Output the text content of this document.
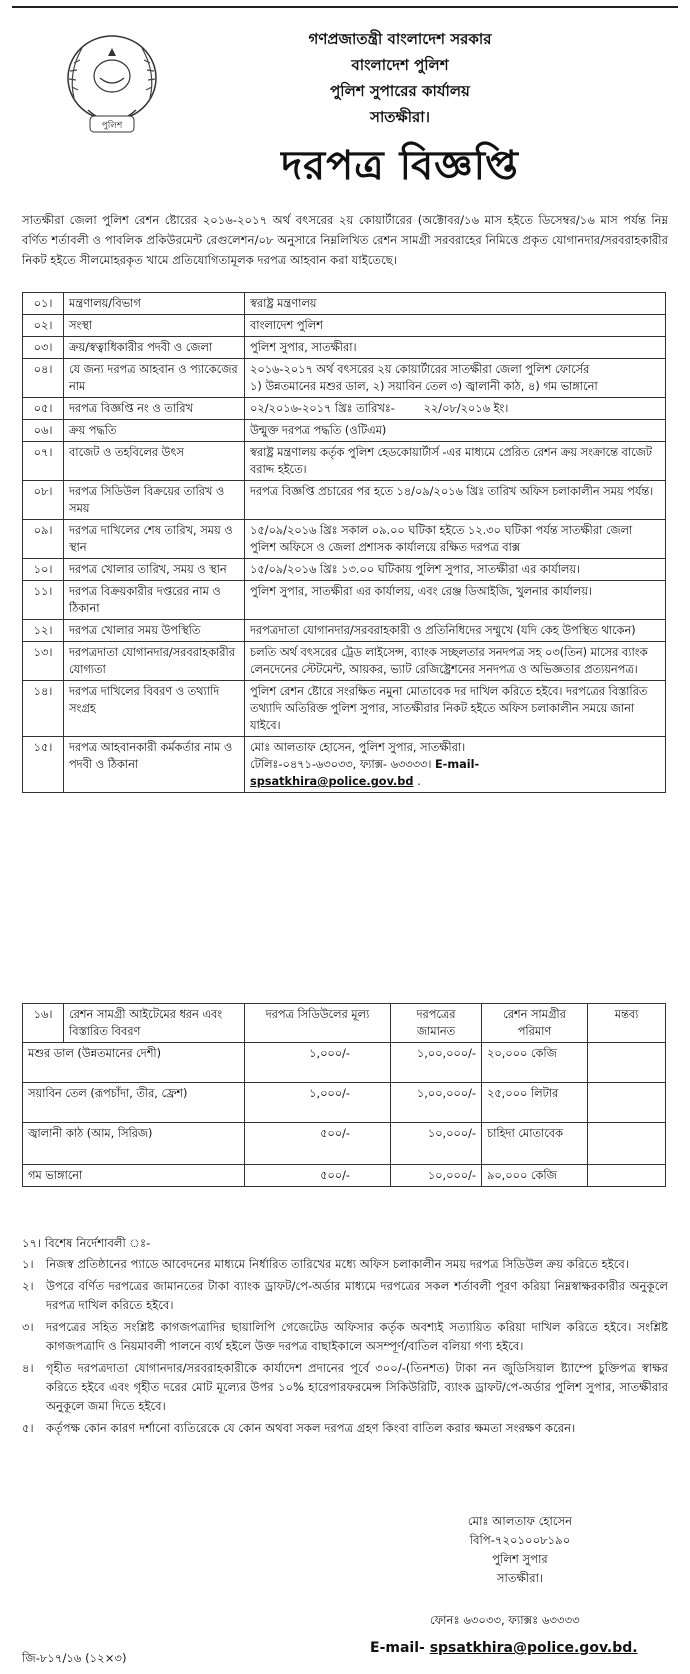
পুলিশ
গণপ্রজাতন্ত্রী বাংলাদেশ সরকার
বাংলাদেশ পুলিশ
পুলিশ সুপারের কার্যালয়
সাতক্ষীরা।
দরপত্র বিজ্ঞপ্তি
সাতক্ষীরা জেলা পুলিশ রেশন ষ্টোরের ২০১৬-২০১৭ অর্থ বৎসরের ২য় কোয়ার্টারের (অক্টোবর/১৬ মাস হইতে ডিসেম্বর/১৬ মাস পর্যন্ত নিম্ন বর্ণিত শর্তাবলী ও পাবলিক প্রকিউরমেন্ট রেগুলেশন/০৮ অনুসারে নিম্নলিখিত রেশন সামগ্রী সরবরাহের নিমিত্তে প্রকৃত যোগানদার/সরবরাহকারীর নিকট হইতে সীলমোহরকৃত খামে প্রতিযোগিতামূলক দরপত্র আহবান করা যাইতেছে।
০১।	মন্ত্রণালয়/বিভাগ	স্বরাষ্ট্র মন্ত্রণালয়
০২।	সংস্থা	বাংলাদেশ পুলিশ
০৩।	ক্রয়/স্বত্বাধিকারীর পদবী ও জেলা	পুলিশ সুপার, সাতক্ষীরা।
০৪।	যে জন্য দরপত্র আহবান ও প্যাকেজের নাম	২০১৬-২০১৭ অর্থ বৎসরের ২য় কোয়ার্টারের সাতক্ষীরা জেলা পুলিশ ফোর্সের
১) উন্নতমানের মশুর ডাল, ২) সয়াবিন তেল ৩) জ্বালানী কাঠ, ৪) গম ভাঙ্গানো

০৫।	দরপত্র বিজ্ঞপ্তি নং ও তারিখ	০২/২০১৬-২০১৭ খ্রিঃ তারিখঃ-        ২২/০৮/২০১৬ ইং।
০৬।	ক্রয় পদ্ধতি	উন্মুক্ত দরপত্র পদ্ধতি (ওটিএম)
০৭।	বাজেট ও তহবিলের উৎস	স্বরাষ্ট্র মন্ত্রণালয় কর্তৃক পুলিশ হেডকোয়ার্টার্স -এর মাধ্যমে প্রেরিত রেশন ক্রয় সংক্রান্তে বাজেট বরাদ্দ হইতে।
০৮।	দরপত্র সিডিউল বিক্রয়ের তারিখ ও সময়	দরপত্র বিজ্ঞপ্তি প্রচারের পর হতে ১৪/০৯/২০১৬ খ্রিঃ তারিখ অফিস চলাকালীন সময় পর্যন্ত।
০৯।	দরপত্র দাখিলের শেষ তারিখ, সময় ও স্থান	১৫/০৯/২০১৬ খ্রিঃ সকাল ০৯.০০ ঘটিকা হইতে ১২.৩০ ঘটিকা পর্যন্ত সাতক্ষীরা জেলা পুলিশ অফিসে ও জেলা প্রশাসক কার্যালয়ে রক্ষিত দরপত্র বাক্স
১০।	দরপত্র খোলার তারিখ, সময় ও স্থান	১৫/০৯/২০১৬ খ্রিঃ ১৩.০০ ঘটিকায় পুলিশ সুপার, সাতক্ষীরা এর কার্যালয়।
১১।	দরপত্র বিক্রয়কারীর দপ্তরের নাম ও ঠিকানা	পুলিশ সুপার, সাতক্ষীরা এর কার্যালয়, এবং রেঞ্জ ডিআইজি, খুলনার কার্যালয়।
১২।	দরপত্র খোলার সময় উপস্থিতি	দরপত্রদাতা যোগানদার/সরবরাহকারী ও প্রতিনিধিদের সম্মুখে (যদি কেহ উপস্থিত থাকেন)
১৩।	দরপত্রদাতা যোগানদার/সরবরাহকারীর যোগ্যতা	চলতি অর্থ বৎসরের ট্রেড লাইসেন্স, ব্যাংক সচ্ছলতার সনদপত্র সহ ০৩(তিন) মাসের ব্যাংক লেনদেনের স্টেটমেন্ট, আয়কর, ভ্যাট রেজিষ্ট্রেশনের সনদপত্র ও অভিজ্ঞতার প্রত্যয়নপত্র।
১৪।	দরপত্র দাখিলের বিবরণ ও তথ্যাদি সংগ্রহ	পুলিশ রেশন ষ্টোরে সংরক্ষিত নমুনা মোতাবেক দর দাখিল করিতে হইবে। দরপত্রের বিস্তারিত তথ্যাদি অতিরিক্ত পুলিশ সুপার, সাতক্ষীরার নিকট হইতে অফিস চলাকালীন সময়ে জানা যাইবে।
১৫।	দরপত্র আহবানকারী কর্মকর্তার নাম ও পদবী ও ঠিকানা	মোঃ আলতাফ হোসেন, পুলিশ সুপার, সাতক্ষীরা।
টেলিঃ-০৪৭১-৬৩০৩৩, ফ্যাক্স- ৬৩৩৩৩। E-mail-
spsatkhira@police.gov.bd .
১৬।	রেশন সামগ্রী আইটেমের ধরন এবং বিস্তারিত বিবরণ	দরপত্র সিডিউলের মূল্য	দরপত্রের জামানত	রেশন সামগ্রীর পরিমাণ	মন্তব্য
মশুর ডাল (উন্নতমানের দেশী)		১,০০০/-	১,০০,০০০/-	২০,০০০ কেজি	
সয়াবিন তেল (রূপচাঁদা, তীর, ফ্রেশ)		১,০০০/-	১,০০,০০০/-	২৫,০০০ লিটার	
জ্বালানী কাঠ (আম, সিরিজ)		৫০০/-	১০,০০০/-	চাহিদা মোতাবেক	
গম ভাঙ্গানো		৫০০/-	১০,০০০/-	৯০,০০০ কেজি	
১৭। বিশেষ নির্দেশাবলী ঃ-
১।	নিজস্ব প্রতিষ্ঠানের প্যাডে আবেদনের মাধ্যমে নির্ধারিত তারিখের মধ্যে অফিস চলাকালীন সময় দরপত্র সিডিউল ক্রয় করিতে হইবে।
২।	উপরে বর্ণিত দরপত্রের জামানতের টাকা ব্যাংক ড্রাফট/পে-অর্ডার মাধ্যমে দরপত্রের সকল শর্তাবলী পূরণ করিয়া নিম্নস্বাক্ষরকারীর অনুকূলে দরপত্র দাখিল করিতে হইবে।
৩।	দরপত্রের সহিত সংশ্লিষ্ট কাগজপত্রাদির ছায়ালিপি গেজেটেড অফিসার কর্তৃক অবশ্যই সত্যায়িত করিয়া দাখিল করিতে হইবে। সংশ্লিষ্ট কাগজপত্রাদি ও নিয়মাবলী পালনে ব্যর্থ হইলে উক্ত দরপত্র বাছাইকালে অসম্পূর্ণ/বাতিল বলিয়া গণ্য হইবে।
৪।	গৃহীত দরপত্রদাতা যোগানদার/সরবরাহকারীকে কার্যাদেশ প্রদানের পূর্বে ৩০০/-(তিনশত) টাকা নন জুডিসিয়াল ষ্ট্যাম্পে চুক্তিপত্র স্বাক্ষর করিতে হইবে এবং গৃহীত দরের মোট মূল্যের উপর ১০% হারেপারফরমেন্স সিকিউরিটি, ব্যাংক ড্রাফট/পে-অর্ডার পুলিশ সুপার, সাতক্ষীরার অনুকূলে জমা দিতে হইবে।
৫।	কর্তৃপক্ষ কোন কারণ দর্শানো ব্যতিরেকে যে কোন অথবা সকল দরপত্র গ্রহণ কিংবা বাতিল করার ক্ষমতা সংরক্ষণ করেন।
মোঃ আলতাফ হোসেন
বিপি-৭২০১০০৮১৯০
পুলিশ সুপার
সাতক্ষীরা।
ফোনঃ ৬৩০৩৩, ফ্যাক্সঃ ৬৩৩৩৩
জি-৮১৭/১৬ (১২×৩)
E-mail- spsatkhira@police.gov.bd.
